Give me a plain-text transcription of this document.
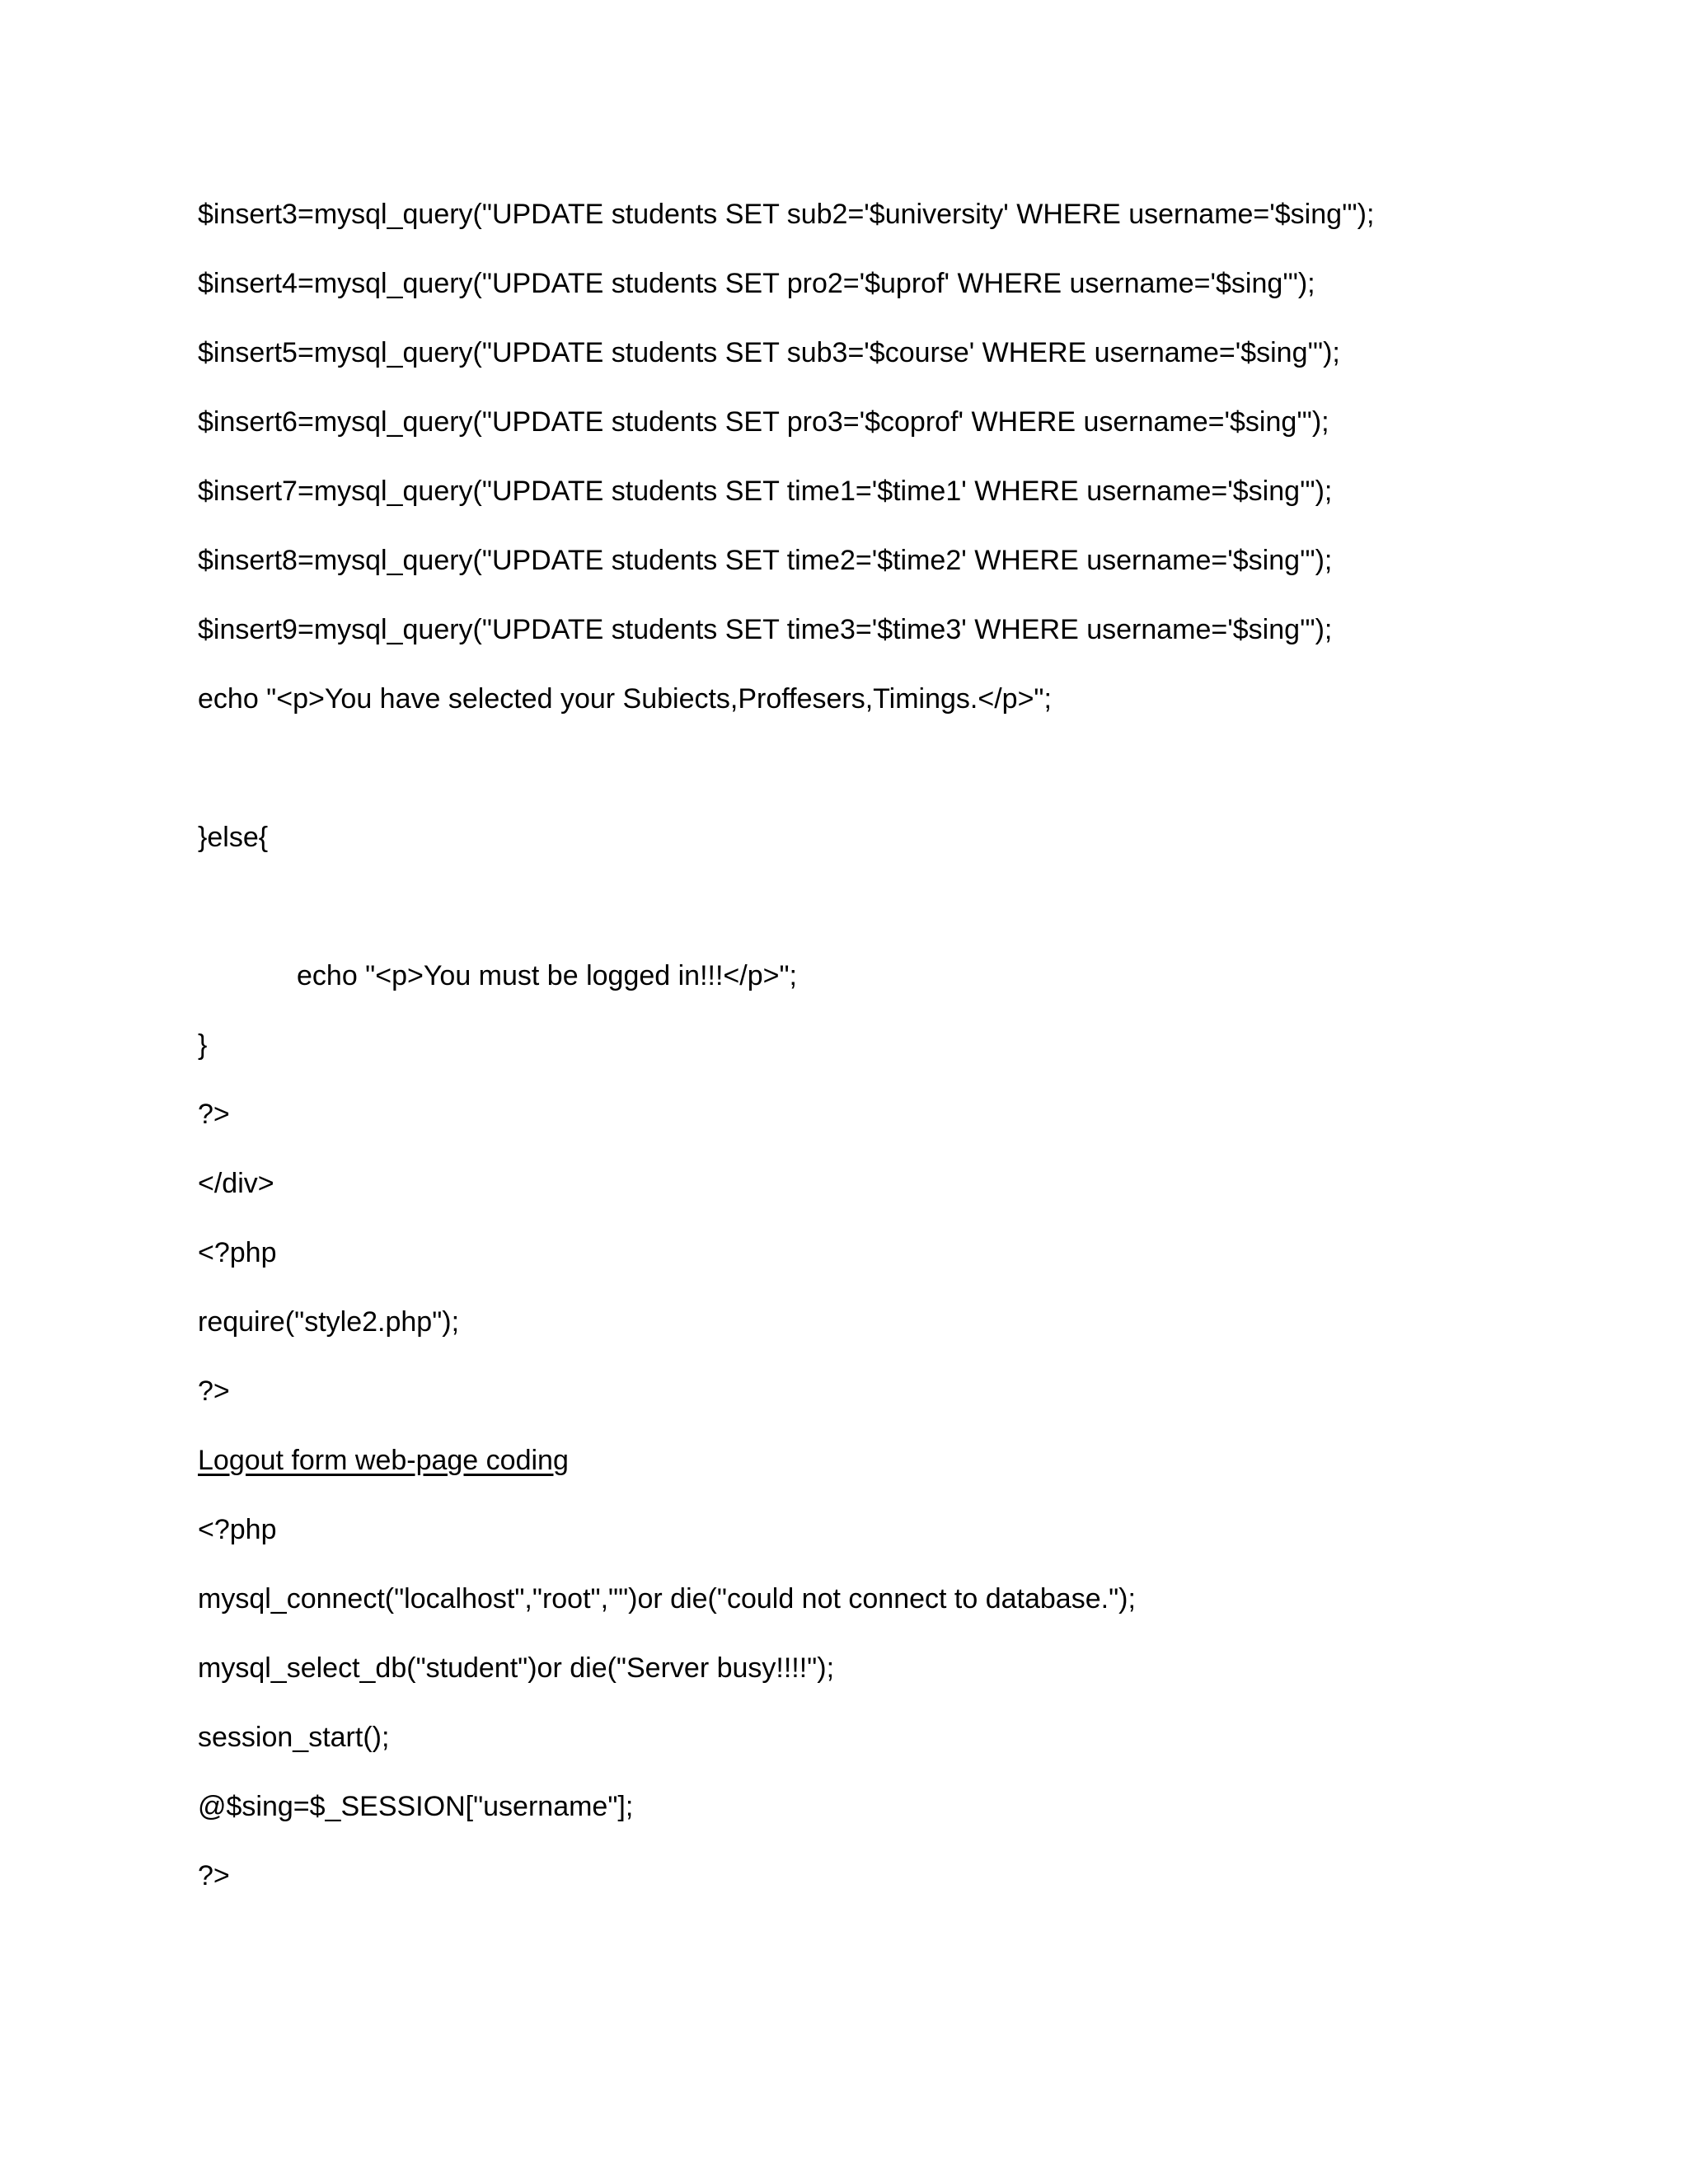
$insert3=mysql_query("UPDATE students SET sub2='$university' WHERE username='$sing'");
$insert4=mysql_query("UPDATE students SET pro2='$uprof' WHERE username='$sing'");
$insert5=mysql_query("UPDATE students SET sub3='$course' WHERE username='$sing'");
$insert6=mysql_query("UPDATE students SET pro3='$coprof' WHERE username='$sing'");
$insert7=mysql_query("UPDATE students SET time1='$time1' WHERE username='$sing'");
$insert8=mysql_query("UPDATE students SET time2='$time2' WHERE username='$sing'");
$insert9=mysql_query("UPDATE students SET time3='$time3' WHERE username='$sing'");
echo "<p>You have selected your Subiects,Proffesers,Timings.</p>";
}else{
echo "<p>You must be logged in!!!</p>";
}
?>
</div>
<?php
require("style2.php");
?>
Logout form web-page coding
<?php
mysql_connect("localhost","root","")or die("could not connect to database.");
mysql_select_db("student")or die("Server busy!!!!");
session_start();
@$sing=$_SESSION["username"];
?>
